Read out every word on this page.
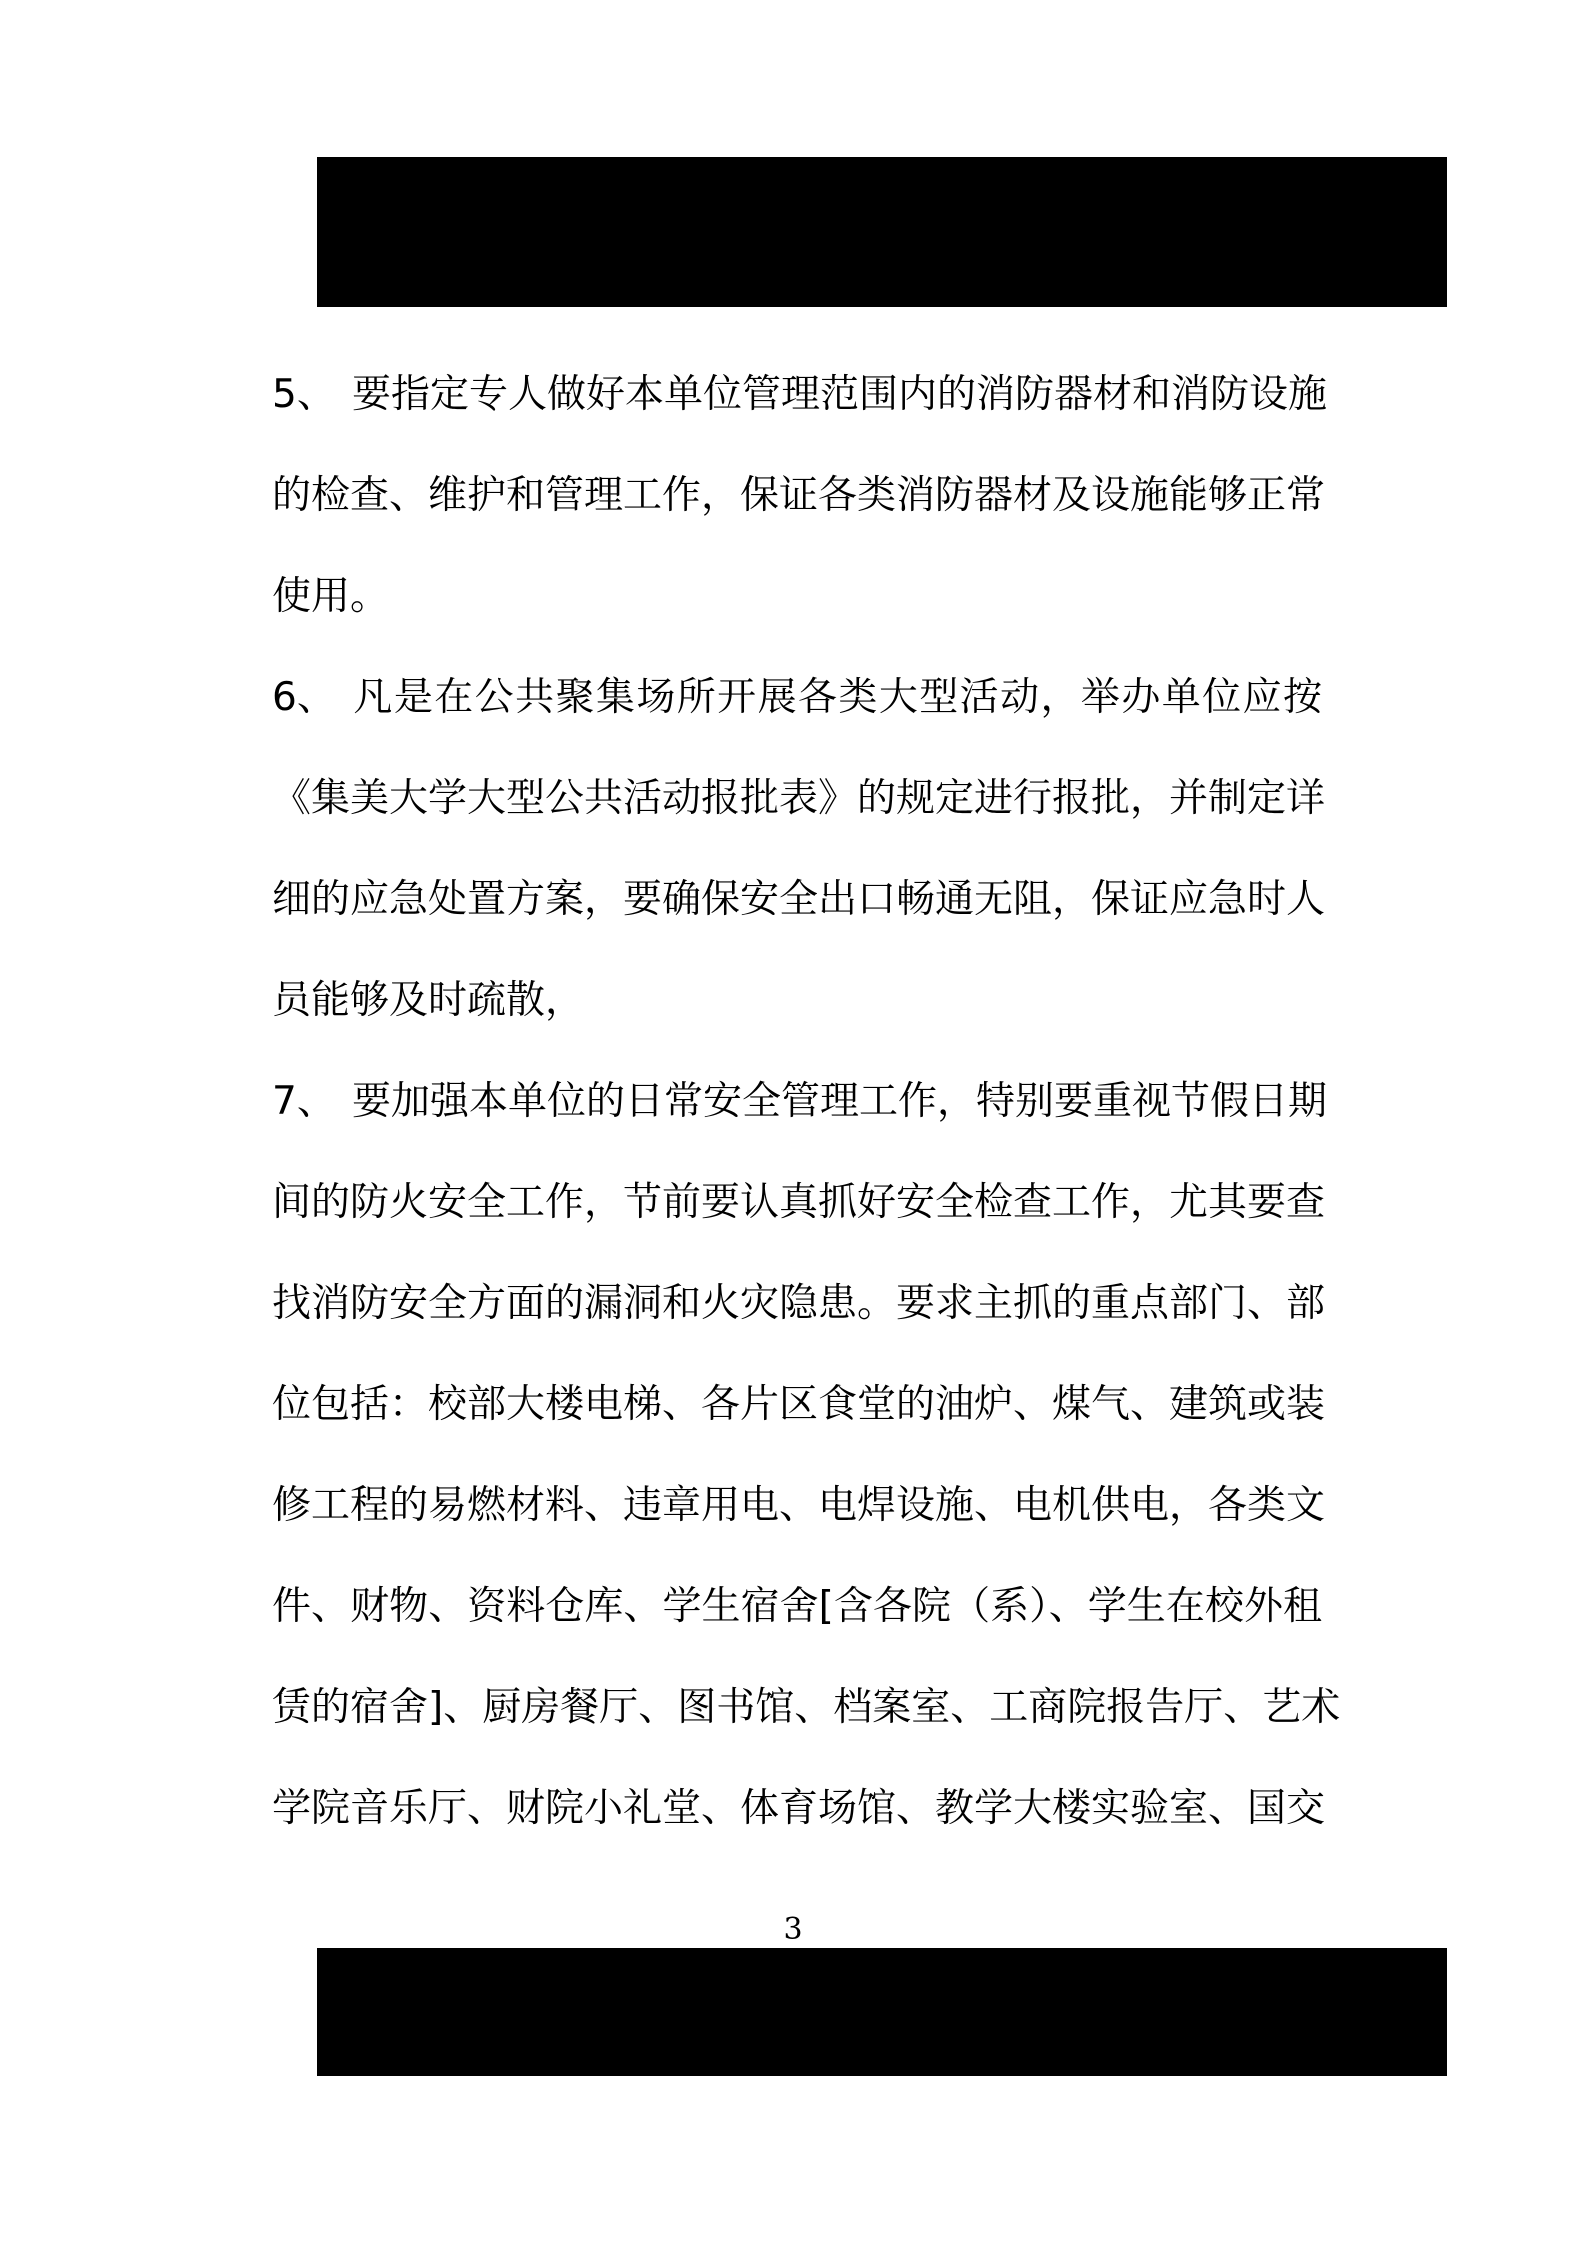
5、 要指定专人做好本单位管理范围内的消防器材和消防设施
的检查、维护和管理工作，保证各类消防器材及设施能够正常
使用。
6、 凡是在公共聚集场所开展各类大型活动，举办单位应按
《集美大学大型公共活动报批表》的规定进行报批，并制定详
细的应急处置方案，要确保安全出口畅通无阻，保证应急时人
员能够及时疏散，
7、 要加强本单位的日常安全管理工作，特别要重视节假日期
间的防火安全工作，节前要认真抓好安全检查工作，尤其要查
找消防安全方面的漏洞和火灾隐患。要求主抓的重点部门、部
位包括：校部大楼电梯、各片区食堂的油炉、煤气、建筑或装
修工程的易燃材料、违章用电、电焊设施、电机供电，各类文
件、财物、资料仓库、学生宿舍[含各院（系）、学生在校外租
赁的宿舍]、厨房餐厅、图书馆、档案室、工商院报告厅、艺术
学院音乐厅、财院小礼堂、体育场馆、教学大楼实验室、国交
3
